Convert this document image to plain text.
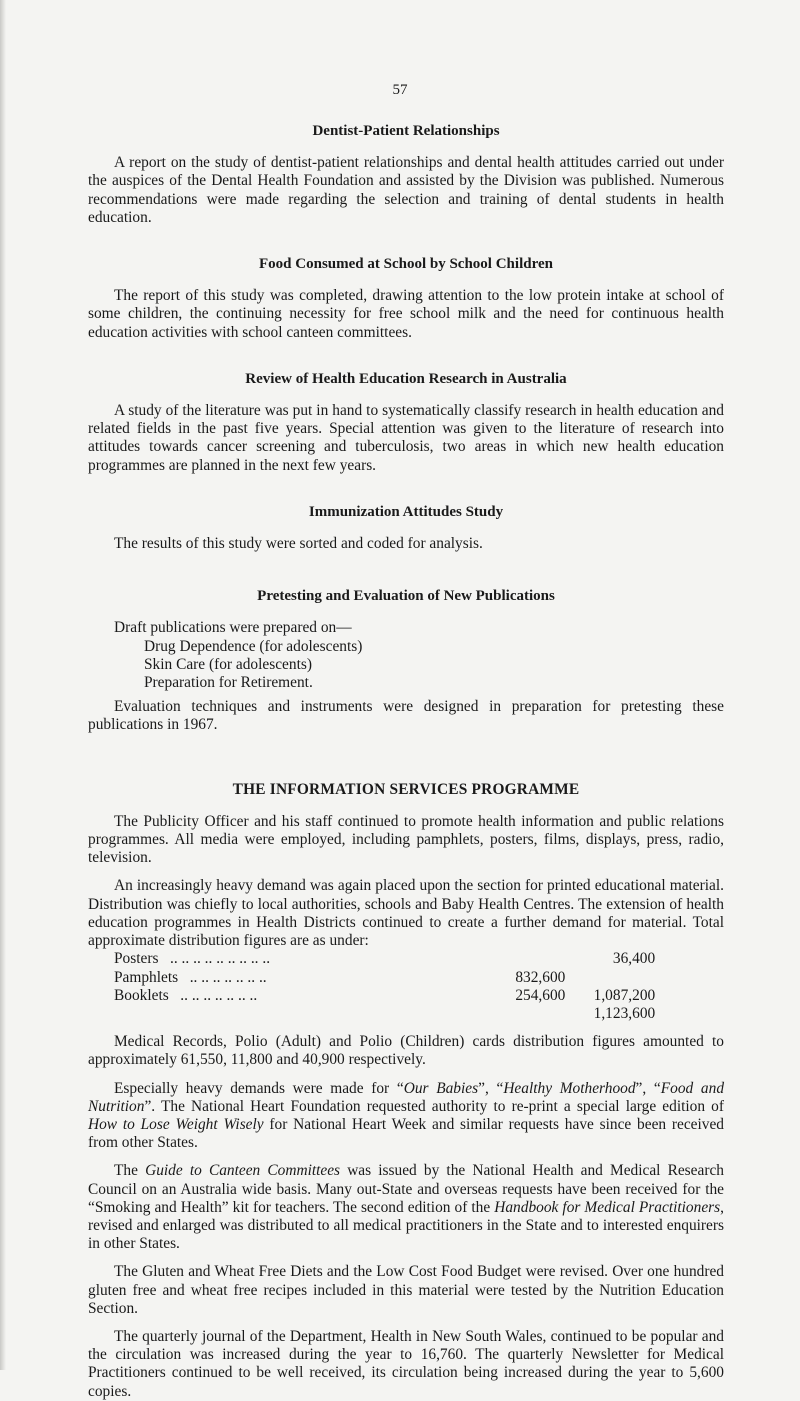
57
Dentist-Patient Relationships

A report on the study of dentist-patient relationships and dental health attitudes carried out under the auspices of the Dental Health Foundation and assisted by the Division was published. Numerous recommendations were made regarding the selection and training of dental students in health education.

Food Consumed at School by School Children

The report of this study was completed, drawing attention to the low protein intake at school of some children, the continuing necessity for free school milk and the need for continuous health education activities with school canteen committees.

Review of Health Education Research in Australia

A study of the literature was put in hand to systematically classify research in health education and related fields in the past five years. Special attention was given to the literature of research into attitudes towards cancer screening and tuberculosis, two areas in which new health education programmes are planned in the next few years.

Immunization Attitudes Study

The results of this study were sorted and coded for analysis.

Pretesting and Evaluation of New Publications
Draft publications were prepared on—
Drug Dependence (for adolescents)
Skin Care (for adolescents)
Preparation for Retirement.

Evaluation techniques and instruments were designed in preparation for pretesting these publications in 1967.

THE INFORMATION SERVICES PROGRAMME

The Publicity Officer and his staff continued to promote health information and public relations programmes. All media were employed, including pamphlets, posters, films, displays, press, radio, television.

An increasingly heavy demand was again placed upon the section for printed educational material. Distribution was chiefly to local authorities, schools and Baby Health Centres. The extension of health education programmes in Health Districts continued to create a further demand for material. Total approximate distribution figures are as under:

Posters .. .. .. .. .. .. .. .. ..		36,400	
Pamphlets .. .. .. .. .. .. ..	832,600		
Booklets .. .. .. .. .. .. ..	254,600	1,087,200	
		1,123,600	

Medical Records, Polio (Adult) and Polio (Children) cards distribution figures amounted to approximately 61,550, 11,800 and 40,900 respectively.

Especially heavy demands were made for “Our Babies”, “Healthy Motherhood”, “Food and Nutrition”. The National Heart Foundation requested authority to re-print a special large edition of How to Lose Weight Wisely for National Heart Week and similar requests have since been received from other States.

The Guide to Canteen Committees was issued by the National Health and Medical Research Council on an Australia wide basis. Many out-State and overseas requests have been received for the “Smoking and Health” kit for teachers. The second edition of the Handbook for Medical Practitioners, revised and enlarged was distributed to all medical practitioners in the State and to interested enquirers in other States.

The Gluten and Wheat Free Diets and the Low Cost Food Budget were revised. Over one hundred gluten free and wheat free recipes included in this material were tested by the Nutrition Education Section.

The quarterly journal of the Department, Health in New South Wales, continued to be popular and the circulation was increased during the year to 16,760. The quarterly Newsletter for Medical Practitioners continued to be well received, its circulation being increased during the year to 5,600 copies.
